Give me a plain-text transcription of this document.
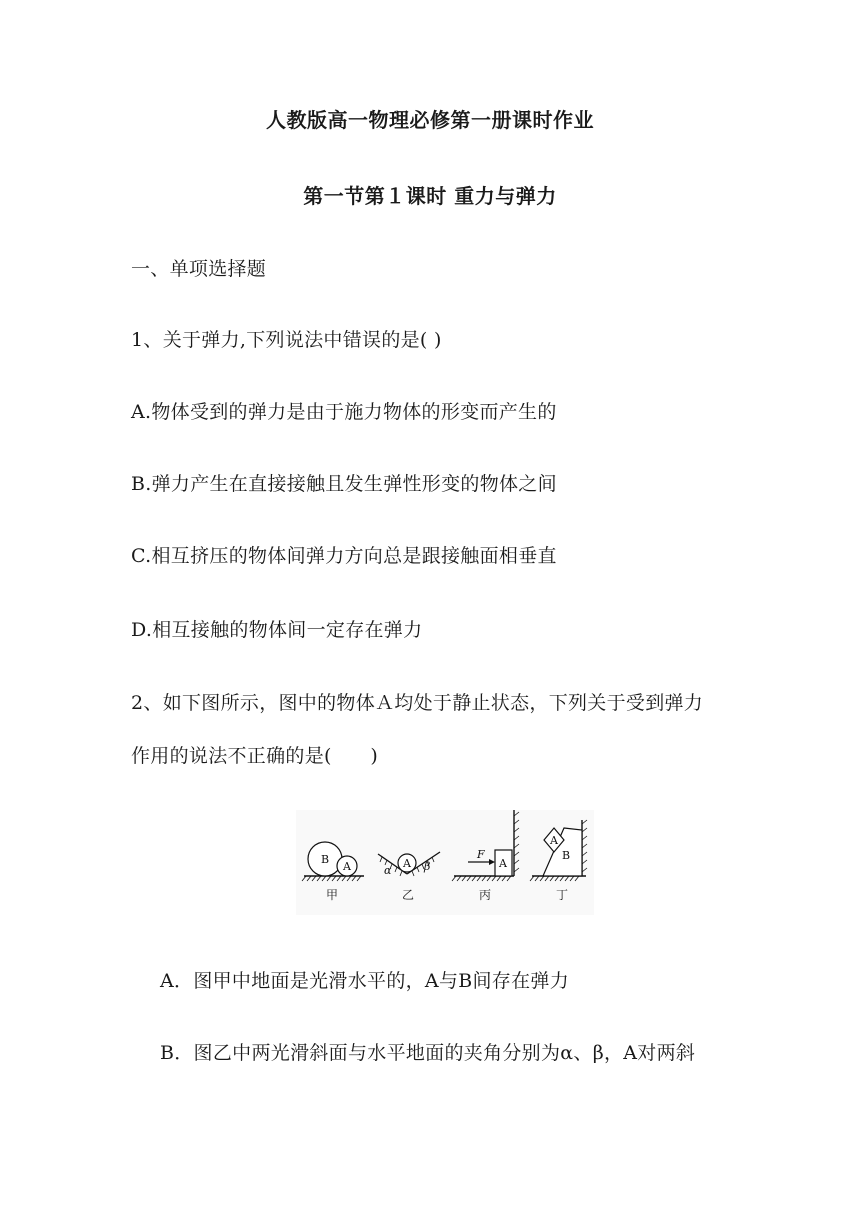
人教版高一物理必修第一册课时作业
第一节第１课时 重力与弹力
一、单项选择题
1、关于弹力,下列说法中错误的是( )
A.物体受到的弹力是由于施力物体的形变而产生的
B.弹力产生在直接接触且发生弹性形变的物体之间
C.相互挤压的物体间弹力方向总是跟接触面相垂直
D.相互接触的物体间一定存在弹力
2、如下图所示，图中的物体Ａ均处于静止状态，下列关于受到弹力
作用的说法不正确的是(　　)
B
A
甲
A
α	β
乙
F
A
丙
A
B
丁
A．图甲中地面是光滑水平的，A与B间存在弹力
B．图乙中两光滑斜面与水平地面的夹角分别为α、β，A对两斜
